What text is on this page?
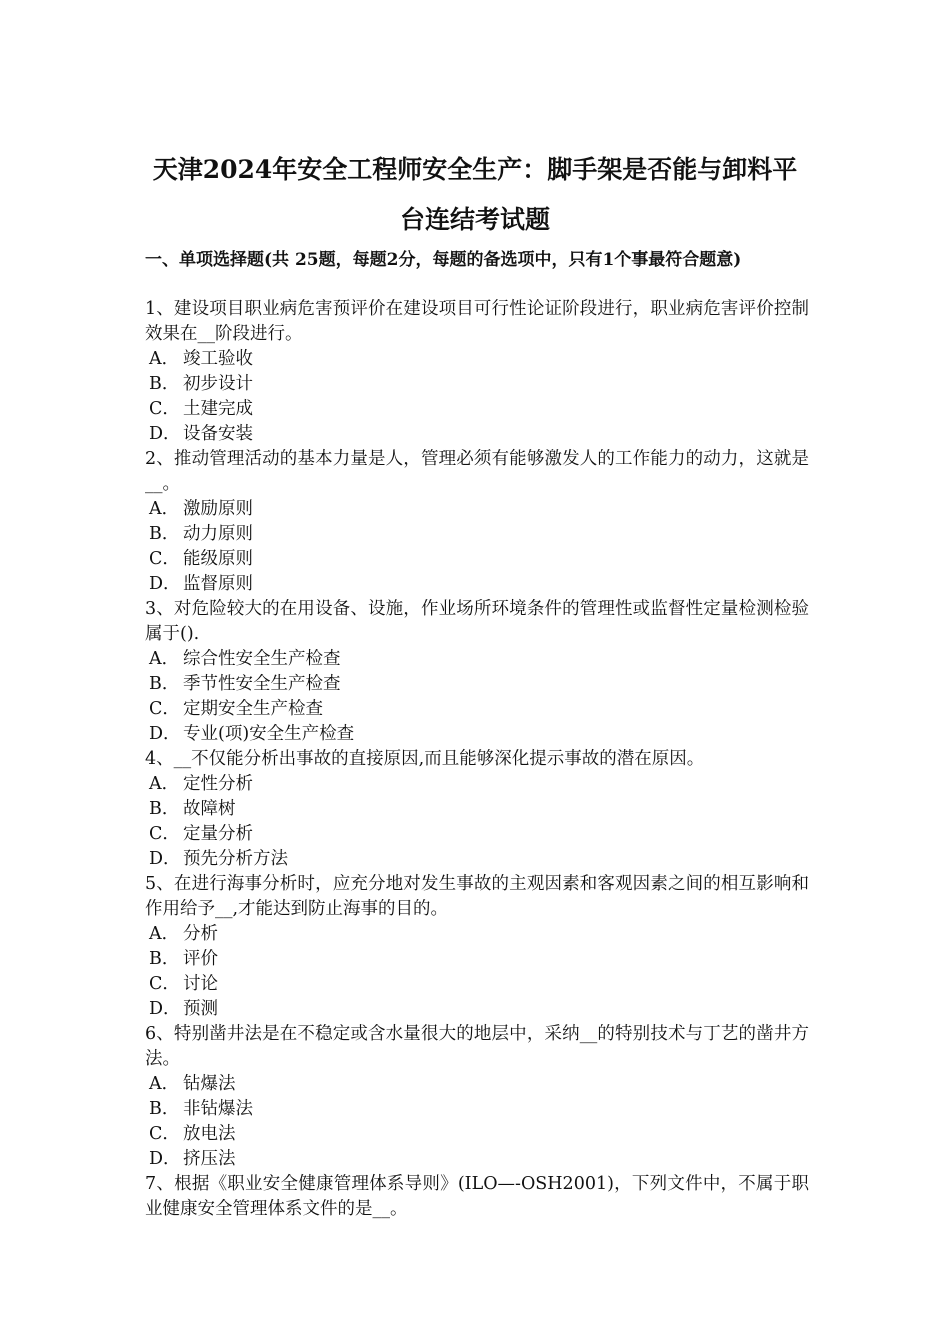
天津2024年安全工程师安全生产：脚手架是否能与卸料平
台连结考试题
一、单项选择题(共 25题，每题2分，每题的备选项中，只有1个事最符合题意)

1、建设项目职业病危害预评价在建设项目可行性论证阶段进行，职业病危害评价控制效果在__阶段进行。

A． 竣工验收

B． 初步设计

C． 土建完成

D． 设备安装

2、推动管理活动的基本力量是人，管理必须有能够激发人的工作能力的动力，这就是__。

A． 激励原则

B． 动力原则

C． 能级原则

D． 监督原则

3、对危险较大的在用设备、设施，作业场所环境条件的管理性或监督性定量检测检验属于().

A． 综合性安全生产检查

B． 季节性安全生产检查

C． 定期安全生产检查

D． 专业(项)安全生产检查

4、__不仅能分析出事故的直接原因,而且能够深化提示事故的潜在原因。

A． 定性分析

B． 故障树

C． 定量分析

D． 预先分析方法

5、在进行海事分析时，应充分地对发生事故的主观因素和客观因素之间的相互影响和作用给予__,才能达到防止海事的目的。

A． 分析

B． 评价

C． 讨论

D． 预测

6、特别凿井法是在不稳定或含水量很大的地层中，采纳__的特别技术与丁艺的凿井方法。

A． 钻爆法

B． 非钻爆法

C． 放电法

D． 挤压法

7、根据《职业安全健康管理体系导则》(ILO—-OSH2001)，下列文件中，不属于职业健康安全管理体系文件的是__。
